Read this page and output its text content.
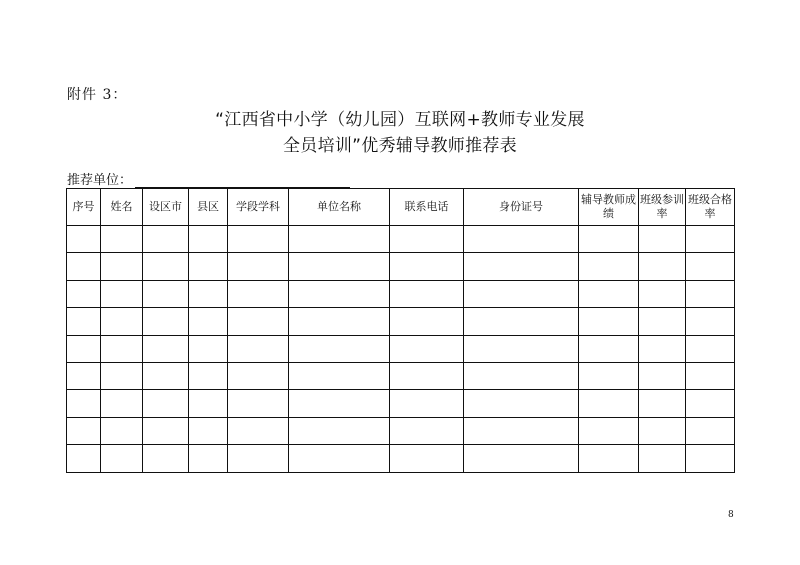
附件 3：
“江西省中小学（幼儿园）互联网+教师专业发展
全员培训”优秀辅导教师推荐表
推荐单位：
序号	姓名	设区市	县区	学段学科	单位名称	联系电话	身份证号	辅导教师成绩	班级参训率	班级合格率

8
